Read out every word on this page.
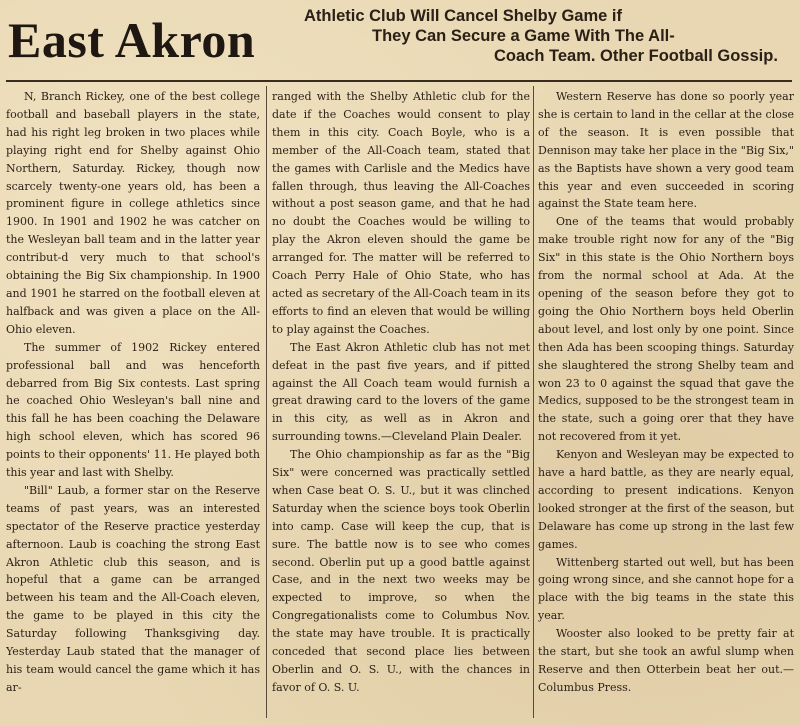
East Akron	Athletic Club Will Cancel Shelby Game if
They Can Secure a Game With The All-
Coach Team. Other Football Gossip.

N, Branch Rickey, one of the best college football and baseball players in the state, had his right leg broken in two places while playing right end for Shelby against Ohio Northern, Saturday. Rickey, though now scarcely twenty-one years old, has been a prominent figure in college athletics since 1900. In 1901 and 1902 he was catcher on the Wesleyan ball team and in the latter year contribut-d very much to that school's obtaining the Big Six championship. In 1900 and 1901 he starred on the football eleven at halfback and was given a place on the All-Ohio eleven.

The summer of 1902 Rickey entered professional ball and was henceforth debarred from Big Six contests. Last spring he coached Ohio Wesleyan's ball nine and this fall he has been coaching the Delaware high school eleven, which has scored 96 points to their opponents' 11. He played both this year and last with Shelby.

"Bill" Laub, a former star on the Reserve teams of past years, was an interested spectator of the Reserve practice yesterday afternoon. Laub is coaching the strong East Akron Athletic club this season, and is hopeful that a game can be arranged between his team and the All-Coach eleven, the game to be played in this city the Saturday following Thanksgiving day. Yesterday Laub stated that the manager of his team would cancel the game which it has ar-

ranged with the Shelby Athletic club for the date if the Coaches would consent to play them in this city. Coach Boyle, who is a member of the All-Coach team, stated that the games with Carlisle and the Medics have fallen through, thus leaving the All-Coaches without a post season game, and that he had no doubt the Coaches would be willing to play the Akron eleven should the game be arranged for. The matter will be referred to Coach Perry Hale of Ohio State, who has acted as secretary of the All-Coach team in its efforts to find an eleven that would be willing to play against the Coaches.

The East Akron Athletic club has not met defeat in the past five years, and if pitted against the All Coach team would furnish a great drawing card to the lovers of the game in this city, as well as in Akron and surrounding towns.—Cleveland Plain Dealer.

The Ohio championship as far as the "Big Six" were concerned was practically settled when Case beat O. S. U., but it was clinched Saturday when the science boys took Oberlin into camp. Case will keep the cup, that is sure. The battle now is to see who comes second. Oberlin put up a good battle against Case, and in the next two weeks may be expected to improve, so when the Congregationalists come to Columbus Nov. the state may have trouble. It is practically conceded that second place lies between Oberlin and O. S. U., with the chances in favor of O. S. U.

Western Reserve has done so poorly year she is certain to land in the cellar at the close of the season. It is even possible that Dennison may take her place in the "Big Six," as the Baptists have shown a very good team this year and even succeeded in scoring against the State team here.

One of the teams that would probably make trouble right now for any of the "Big Six" in this state is the Ohio Northern boys from the normal school at Ada. At the opening of the season before they got to going the Ohio Northern boys held Oberlin about level, and lost only by one point. Since then Ada has been scooping things. Saturday she slaughtered the strong Shelby team and won 23 to 0 against the squad that gave the Medics, supposed to be the strongest team in the state, such a going orer that they have not recovered from it yet.

Kenyon and Wesleyan may be expected to have a hard battle, as they are nearly equal, according to present indications. Kenyon looked stronger at the first of the season, but Delaware has come up strong in the last few games.

Wittenberg started out well, but has been going wrong since, and she cannot hope for a place with the big teams in the state this year.

Wooster also looked to be pretty fair at the start, but she took an awful slump when Reserve and then Otterbein beat her out.—Columbus Press.
